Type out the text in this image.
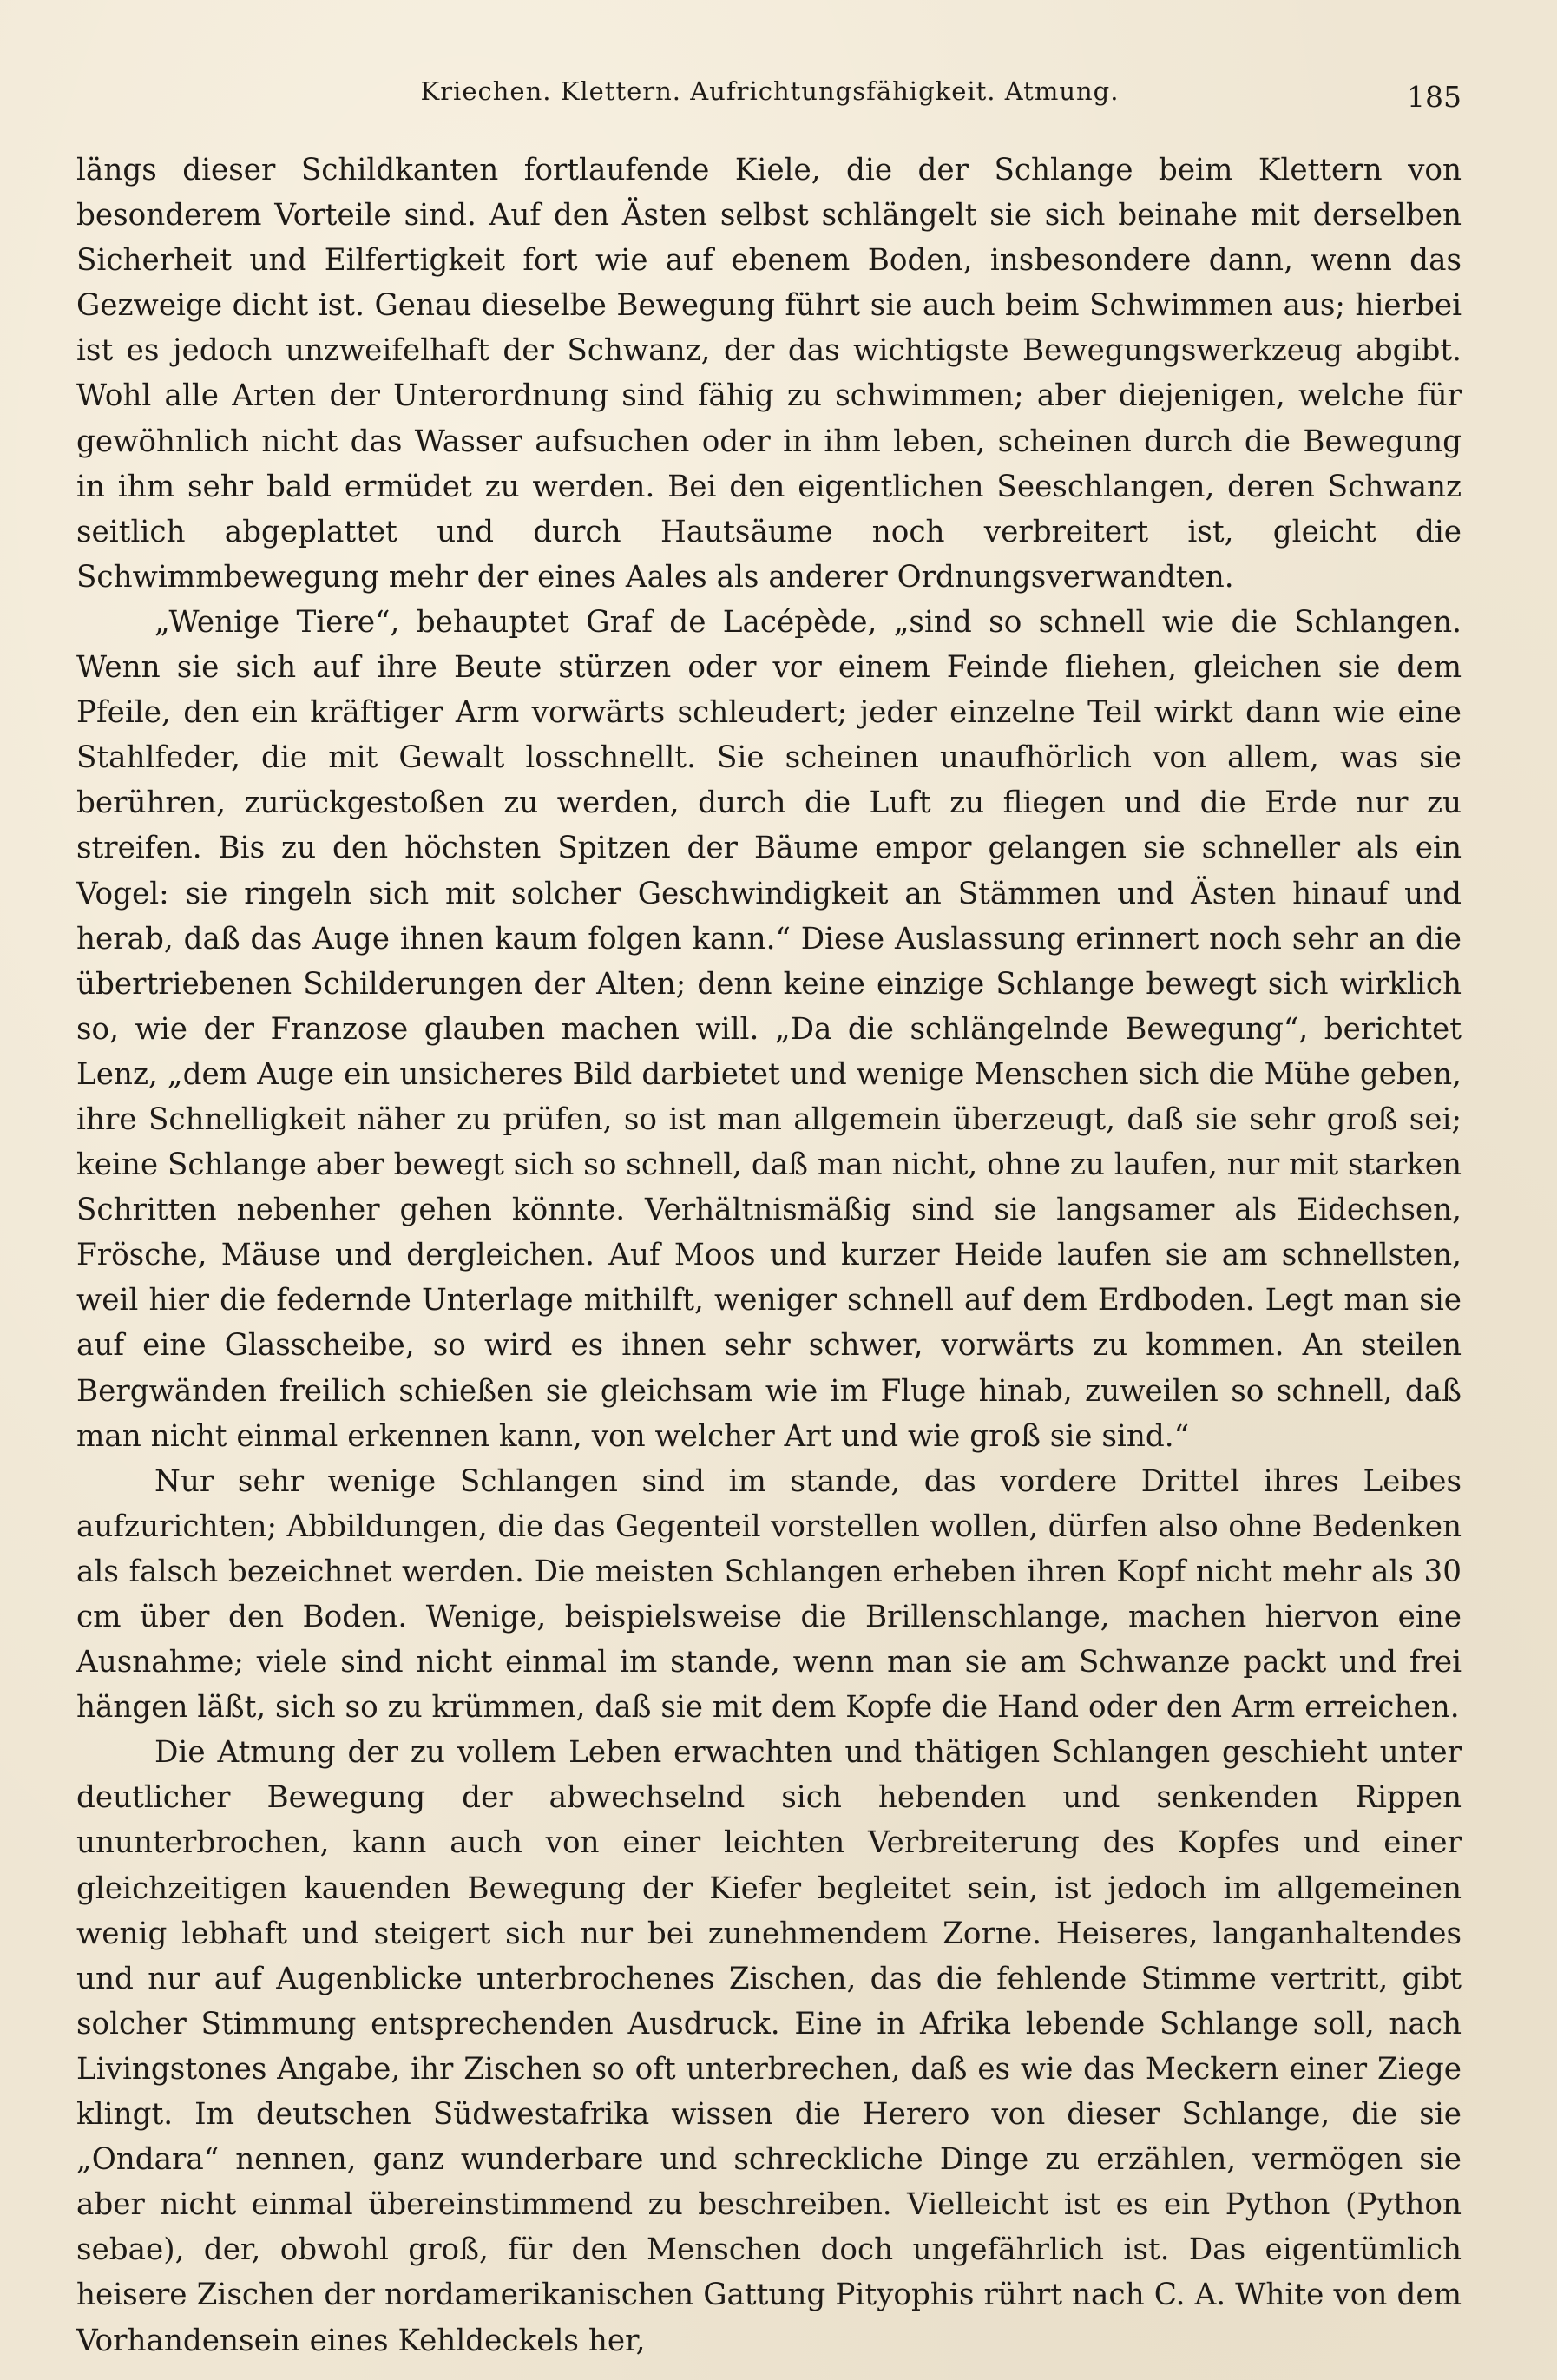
Kriechen. Klettern. Aufrichtungsfähigkeit. Atmung.	185

längs dieser Schildkanten fortlaufende Kiele, die der Schlange beim Klettern von besonderem Vorteile sind. Auf den Ästen selbst schlängelt sie sich beinahe mit derselben Sicherheit und Eilfertigkeit fort wie auf ebenem Boden, insbesondere dann, wenn das Gezweige dicht ist. Genau dieselbe Bewegung führt sie auch beim Schwimmen aus; hierbei ist es jedoch unzweifelhaft der Schwanz, der das wichtigste Bewegungswerkzeug abgibt. Wohl alle Arten der Unterordnung sind fähig zu schwimmen; aber diejenigen, welche für gewöhnlich nicht das Wasser aufsuchen oder in ihm leben, scheinen durch die Bewegung in ihm sehr bald ermüdet zu werden. Bei den eigentlichen Seeschlangen, deren Schwanz seitlich abgeplattet und durch Hautsäume noch verbreitert ist, gleicht die Schwimmbewegung mehr der eines Aales als anderer Ordnungsverwandten.

„Wenige Tiere“, behauptet Graf de Lacépède, „sind so schnell wie die Schlangen. Wenn sie sich auf ihre Beute stürzen oder vor einem Feinde fliehen, gleichen sie dem Pfeile, den ein kräftiger Arm vorwärts schleudert; jeder einzelne Teil wirkt dann wie eine Stahlfeder, die mit Gewalt losschnellt. Sie scheinen unaufhörlich von allem, was sie berühren, zurückgestoßen zu werden, durch die Luft zu fliegen und die Erde nur zu streifen. Bis zu den höchsten Spitzen der Bäume empor gelangen sie schneller als ein Vogel: sie ringeln sich mit solcher Geschwindigkeit an Stämmen und Ästen hinauf und herab, daß das Auge ihnen kaum folgen kann.“ Diese Auslassung erinnert noch sehr an die übertriebenen Schilderungen der Alten; denn keine einzige Schlange bewegt sich wirklich so, wie der Franzose glauben machen will. „Da die schlängelnde Bewegung“, berichtet Lenz, „dem Auge ein unsicheres Bild darbietet und wenige Menschen sich die Mühe geben, ihre Schnelligkeit näher zu prüfen, so ist man allgemein überzeugt, daß sie sehr groß sei; keine Schlange aber bewegt sich so schnell, daß man nicht, ohne zu laufen, nur mit starken Schritten nebenher gehen könnte. Verhältnismäßig sind sie langsamer als Eidechsen, Frösche, Mäuse und dergleichen. Auf Moos und kurzer Heide laufen sie am schnellsten, weil hier die federnde Unterlage mithilft, weniger schnell auf dem Erdboden. Legt man sie auf eine Glasscheibe, so wird es ihnen sehr schwer, vorwärts zu kommen. An steilen Bergwänden freilich schießen sie gleichsam wie im Fluge hinab, zuweilen so schnell, daß man nicht einmal erkennen kann, von welcher Art und wie groß sie sind.“

Nur sehr wenige Schlangen sind im stande, das vordere Drittel ihres Leibes aufzurichten; Abbildungen, die das Gegenteil vorstellen wollen, dürfen also ohne Bedenken als falsch bezeichnet werden. Die meisten Schlangen erheben ihren Kopf nicht mehr als 30 cm über den Boden. Wenige, beispielsweise die Brillenschlange, machen hiervon eine Ausnahme; viele sind nicht einmal im stande, wenn man sie am Schwanze packt und frei hängen läßt, sich so zu krümmen, daß sie mit dem Kopfe die Hand oder den Arm erreichen.

Die Atmung der zu vollem Leben erwachten und thätigen Schlangen geschieht unter deutlicher Bewegung der abwechselnd sich hebenden und senkenden Rippen ununterbrochen, kann auch von einer leichten Verbreiterung des Kopfes und einer gleichzeitigen kauenden Bewegung der Kiefer begleitet sein, ist jedoch im allgemeinen wenig lebhaft und steigert sich nur bei zunehmendem Zorne. Heiseres, langanhaltendes und nur auf Augenblicke unterbrochenes Zischen, das die fehlende Stimme vertritt, gibt solcher Stimmung entsprechenden Ausdruck. Eine in Afrika lebende Schlange soll, nach Livingstones Angabe, ihr Zischen so oft unterbrechen, daß es wie das Meckern einer Ziege klingt. Im deutschen Südwestafrika wissen die Herero von dieser Schlange, die sie „Ondara“ nennen, ganz wunderbare und schreckliche Dinge zu erzählen, vermögen sie aber nicht einmal übereinstimmend zu beschreiben. Vielleicht ist es ein Python (Python sebae), der, obwohl groß, für den Menschen doch ungefährlich ist. Das eigentümlich heisere Zischen der nordamerikanischen Gattung Pityophis rührt nach C. A. White von dem Vorhandensein eines Kehldeckels her,
